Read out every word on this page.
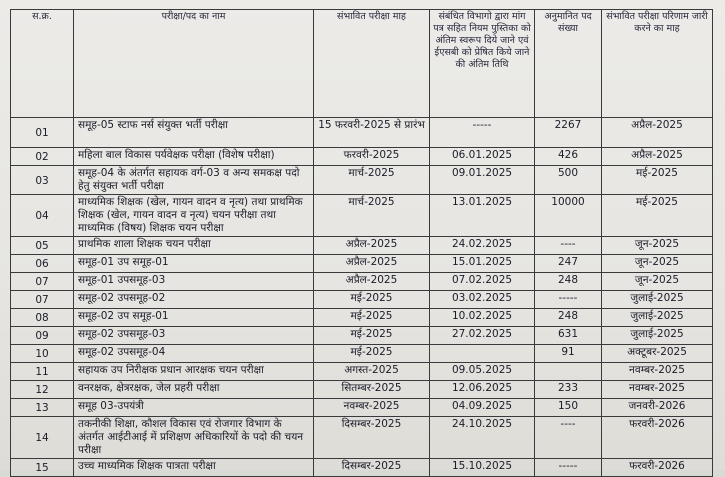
स.क्र.	परीक्षा/पद का नाम	संभावित परीक्षा माह	संबंधित विभागो द्वारा मांग पत्र सहित नियम पुस्तिका को अंतिम स्वरूप दिये जाने एवं ईएसबी को प्रेषित किये जाने की अंतिम तिथि	अनुमानित पद संख्या	संभावित परीक्षा परिणाम जारी करने का माह
01	समूह-05 स्टाफ नर्स संयुक्त भर्ती परीक्षा	15 फरवरी-2025 से प्रारंभ	-----	2267	अप्रैल-2025
02	महिला बाल विकास पर्यवेक्षक परीक्षा (विशेष परीक्षा)	फरवरी-2025	06.01.2025	426	अप्रैल-2025
03	समूह-04 के अंतर्गत सहायक वर्ग-03 व अन्य समकक्ष पदो हेतु संयुक्त भर्ती परीक्षा	मार्च-2025	09.01.2025	500	मई-2025
04	माध्यमिक शिक्षक (खेल, गायन वादन व नृत्य) तथा प्राथमिक शिक्षक (खेल, गायन वादन व नृत्य) चयन परीक्षा तथा माध्यमिक (विषय) शिक्षक चयन परीक्षा	मार्च-2025	13.01.2025	10000	मई-2025
05	प्राथमिक शाला शिक्षक चयन परीक्षा	अप्रैल-2025	24.02.2025	----	जून-2025
06	समूह-01 उप समूह-01	अप्रैल-2025	15.01.2025	247	जून-2025
07	समूह-01 उपसमूह-03	अप्रैल-2025	07.02.2025	248	जून-2025
07	समूह-02 उपसमूह-02	मई-2025	03.02.2025	-----	जुलाई-2025
08	समूह-02 उप समूह-01	मई-2025	10.02.2025	248	जुलाई-2025
09	समूह-02 उपसमूह-03	मई-2025	27.02.2025	631	जुलाई-2025
10	समूह-02 उपसमूह-04	मई-2025		91	अक्टूबर-2025
11	सहायक उप निरीक्षक प्रधान आरक्षक चयन परीक्षा	अगस्त-2025	09.05.2025		नवम्बर-2025
12	वनरक्षक, क्षेत्ररक्षक, जेल प्रहरी परीक्षा	सितम्बर-2025	12.06.2025	233	नवम्बर-2025
13	समूह 03-उपयंत्री	नवम्बर-2025	04.09.2025	150	जनवरी-2026
14	तकनीकी शिक्षा, कौशल विकास एवं रोजगार विभाग के अंतर्गत आईटीआई में प्रशिक्षण अधिकारियों के पदो की चयन परीक्षा	दिसम्बर-2025	24.10.2025	----	फरवरी-2026
15	उच्च माध्यमिक शिक्षक पात्रता परीक्षा	दिसम्बर-2025	15.10.2025	-----	फरवरी-2026
